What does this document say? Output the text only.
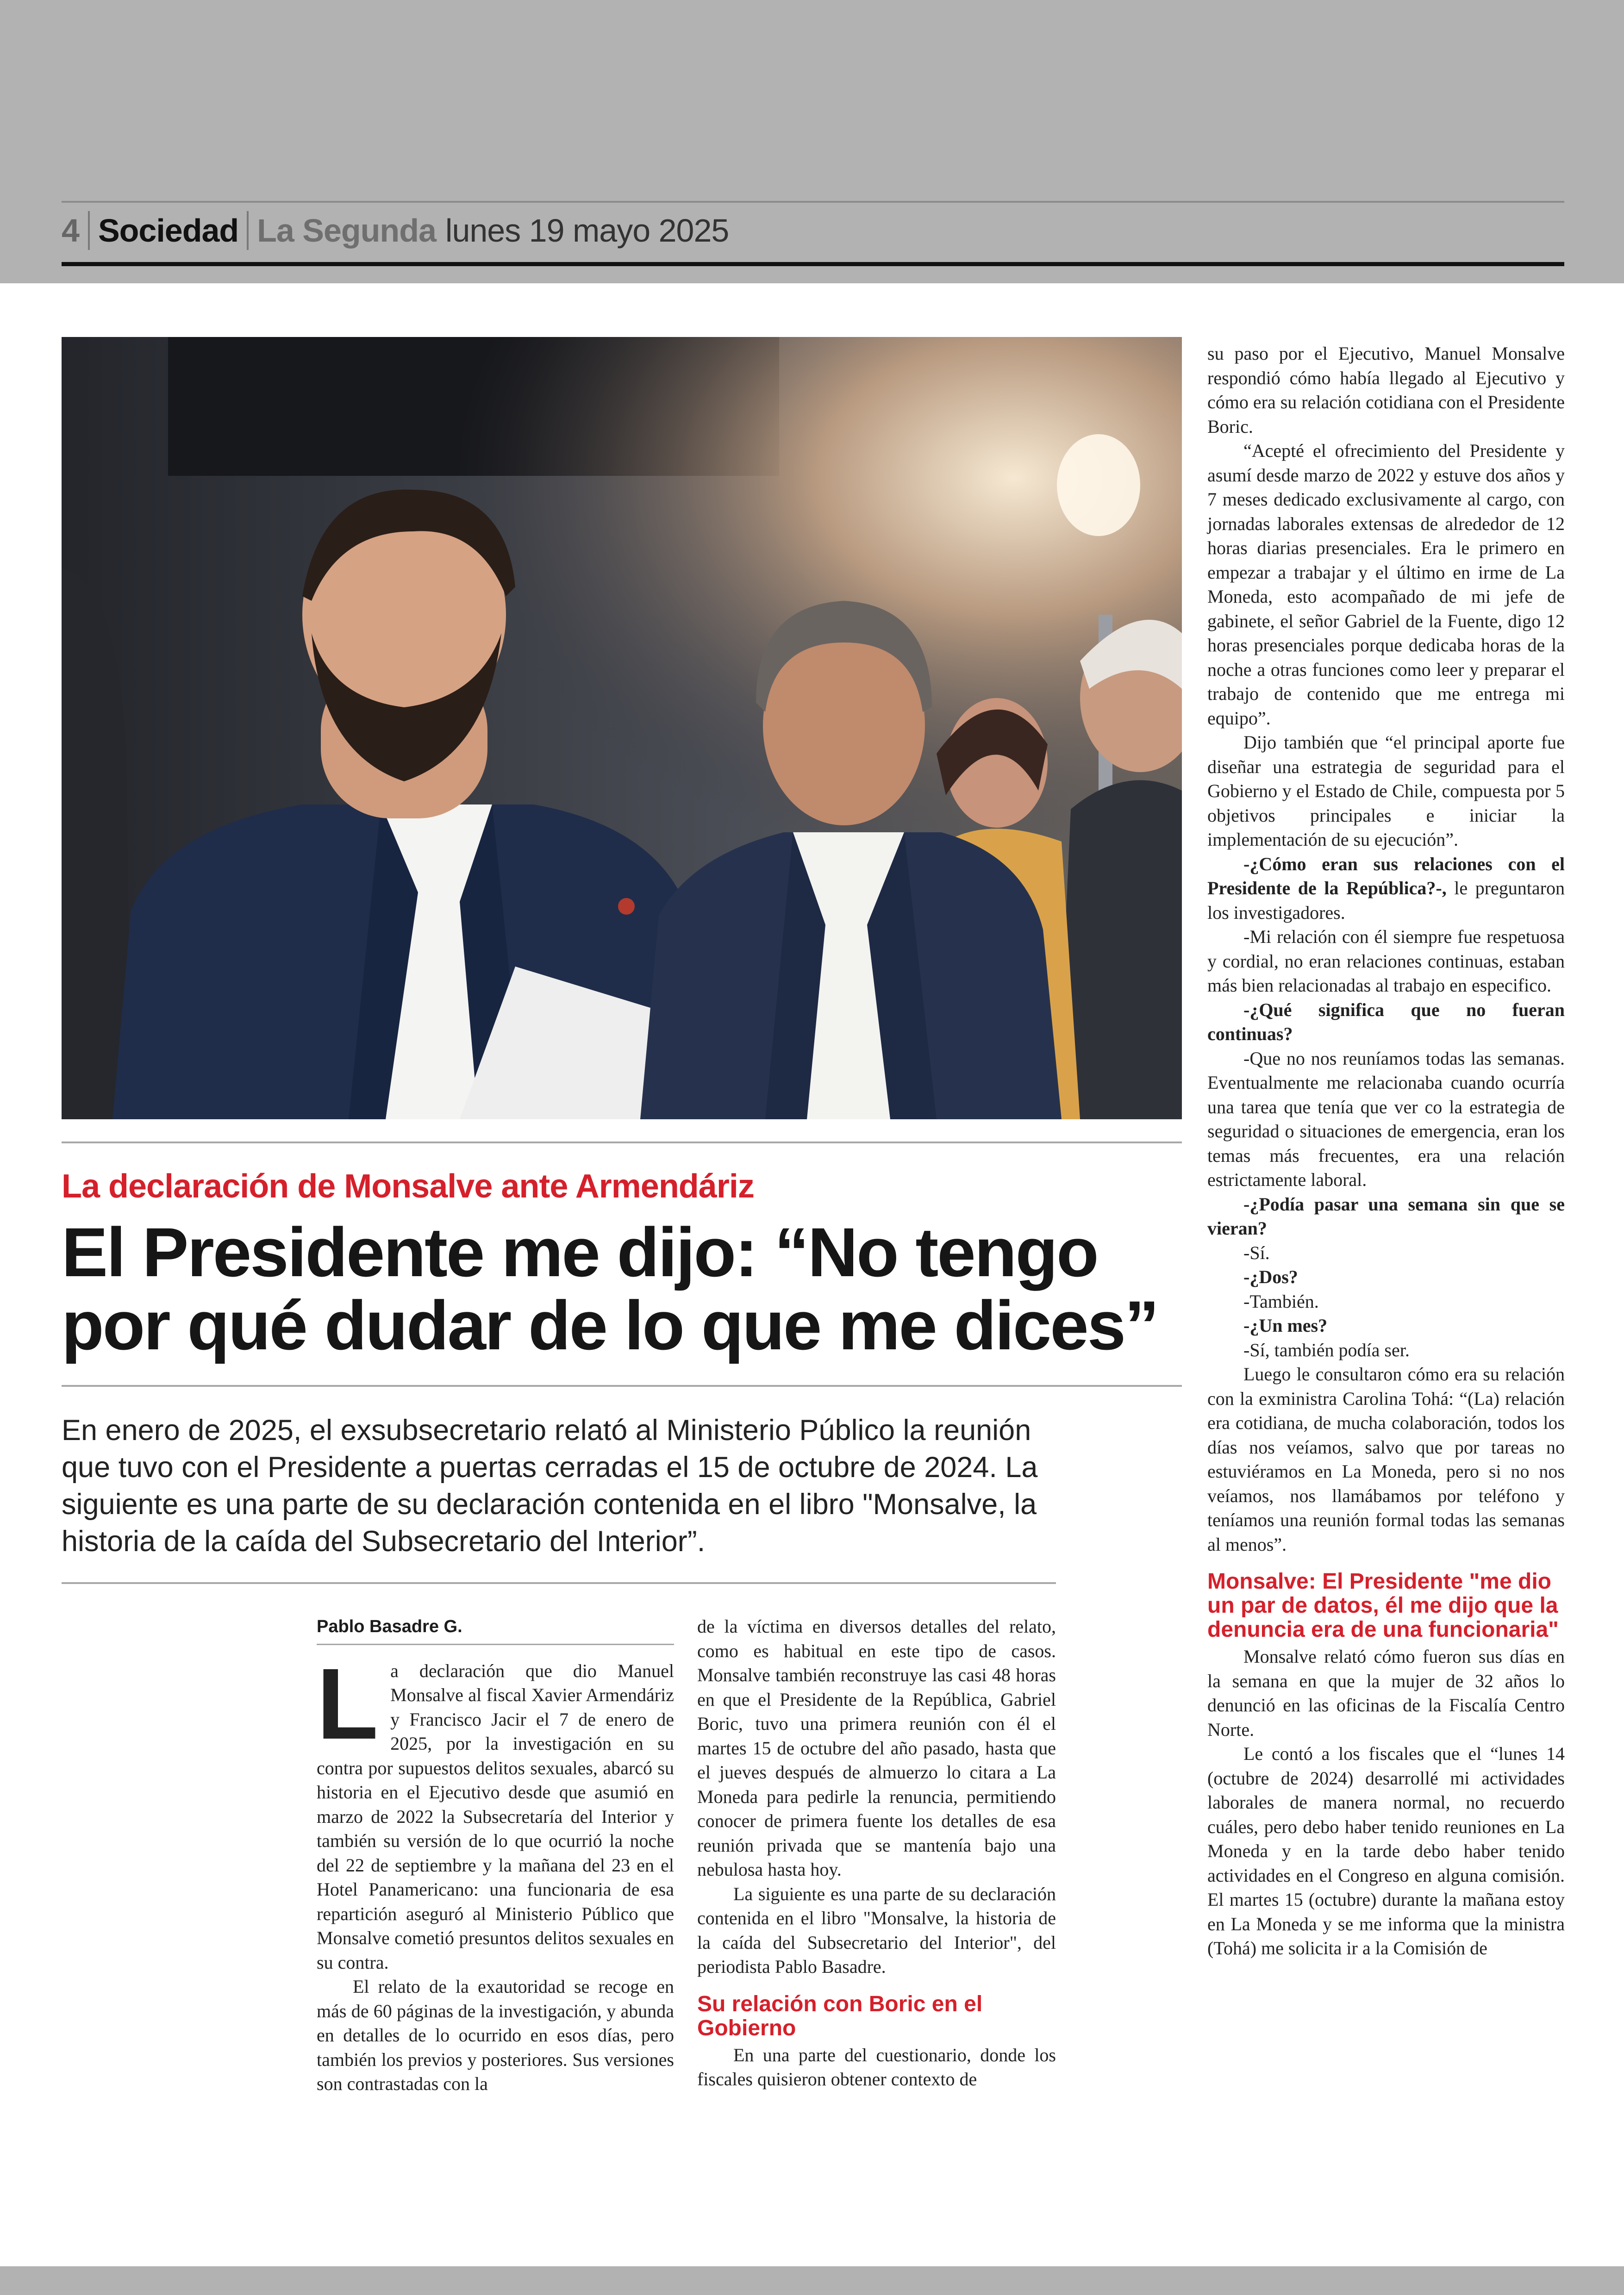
4 Sociedad La Segunda lunes 19 mayo 2025
La declaración de Monsalve ante Armendáriz
El Presidente me dijo: “No tengo por qué dudar de lo que me dices”
En enero de 2025, el exsubsecretario relató al Ministerio Público la reunión que tuvo con el Presidente a puertas cerradas el 15 de octubre de 2024. La siguiente es una parte de su declaración contenida en el libro "Monsalve, la historia de la caída del Subsecretario del Interior”.
Pablo Basadre G.

La declaración que dio Manuel Monsalve al fiscal Xavier Armendáriz y Francisco Jacir el 7 de enero de 2025, por la investigación en su contra por supuestos delitos sexuales, abarcó su historia en el Ejecutivo desde que asumió en marzo de 2022 la Subsecretaría del Interior y también su versión de lo que ocurrió la noche del 22 de septiembre y la mañana del 23 en el Hotel Panamericano: una funcionaria de esa repartición aseguró al Ministerio Público que Monsalve cometió presuntos delitos sexuales en su contra.

El relato de la exautoridad se recoge en más de 60 páginas de la investigación, y abunda en detalles de lo ocurrido en esos días, pero también los previos y posteriores. Sus versiones son contrastadas con la

de la víctima en diversos detalles del relato, como es habitual en este tipo de casos. Monsalve también reconstruye las casi 48 horas en que el Presidente de la República, Gabriel Boric, tuvo una primera reunión con él el martes 15 de octubre del año pasado, hasta que el jueves después de almuerzo lo citara a La Moneda para pedirle la renuncia, permitiendo conocer de primera fuente los detalles de esa reunión privada que se mantenía bajo una nebulosa hasta hoy.

La siguiente es una parte de su declaración contenida en el libro "Monsalve, la historia de la caída del Subsecretario del Interior", del periodista Pablo Basadre.

Su relación con Boric en el Gobierno

En una parte del cuestionario, donde los fiscales quisieron obtener contexto de

su paso por el Ejecutivo, Manuel Monsalve respondió cómo había llegado al Ejecutivo y cómo era su relación cotidiana con el Presidente Boric.

“Acepté el ofrecimiento del Presidente y asumí desde marzo de 2022 y estuve dos años y 7 meses dedicado exclusivamente al cargo, con jornadas laborales extensas de alrededor de 12 horas diarias presenciales. Era le primero en empezar a trabajar y el último en irme de La Moneda, esto acompañado de mi jefe de gabinete, el señor Gabriel de la Fuente, digo 12 horas presenciales porque dedicaba horas de la noche a otras funciones como leer y preparar el trabajo de contenido que me entrega mi equipo”.

Dijo también que “el principal aporte fue diseñar una estrategia de seguridad para el Gobierno y el Estado de Chile, compuesta por 5 objetivos principales e iniciar la implementación de su ejecución”.

-¿Cómo eran sus relaciones con el Presidente de la República?-, le preguntaron los investigadores.

-Mi relación con él siempre fue respetuosa y cordial, no eran relaciones continuas, estaban más bien relacionadas al trabajo en especifico.

-¿Qué significa que no fueran continuas?

-Que no nos reuníamos todas las semanas. Eventualmente me relacionaba cuando ocurría una tarea que tenía que ver co la estrategia de seguridad o situaciones de emergencia, eran los temas más frecuentes, era una relación estrictamente laboral.

-¿Podía pasar una semana sin que se vieran?

-Sí.

-¿Dos?

-También.

-¿Un mes?

-Sí, también podía ser.

Luego le consultaron cómo era su relación con la exministra Carolina Tohá: “(La) relación era cotidiana, de mucha colaboración, todos los días nos veíamos, salvo que por tareas no estuviéramos en La Moneda, pero si no nos veíamos, nos llamábamos por teléfono y teníamos una reunión formal todas las semanas al menos”.

Monsalve: El Presidente "me dio un par de datos, él me dijo que la denuncia era de una funcionaria"

Monsalve relató cómo fueron sus días en la semana en que la mujer de 32 años lo denunció en las oficinas de la Fiscalía Centro Norte.

Le contó a los fiscales que el “lunes 14 (octubre de 2024) desarrollé mi actividades laborales de manera normal, no recuerdo cuáles, pero debo haber tenido reuniones en La Moneda y en la tarde debo haber tenido actividades en el Congreso en alguna comisión. El martes 15 (octubre) durante la mañana estoy en La Moneda y se me informa que la ministra (Tohá) me solicita ir a la Comisión de
